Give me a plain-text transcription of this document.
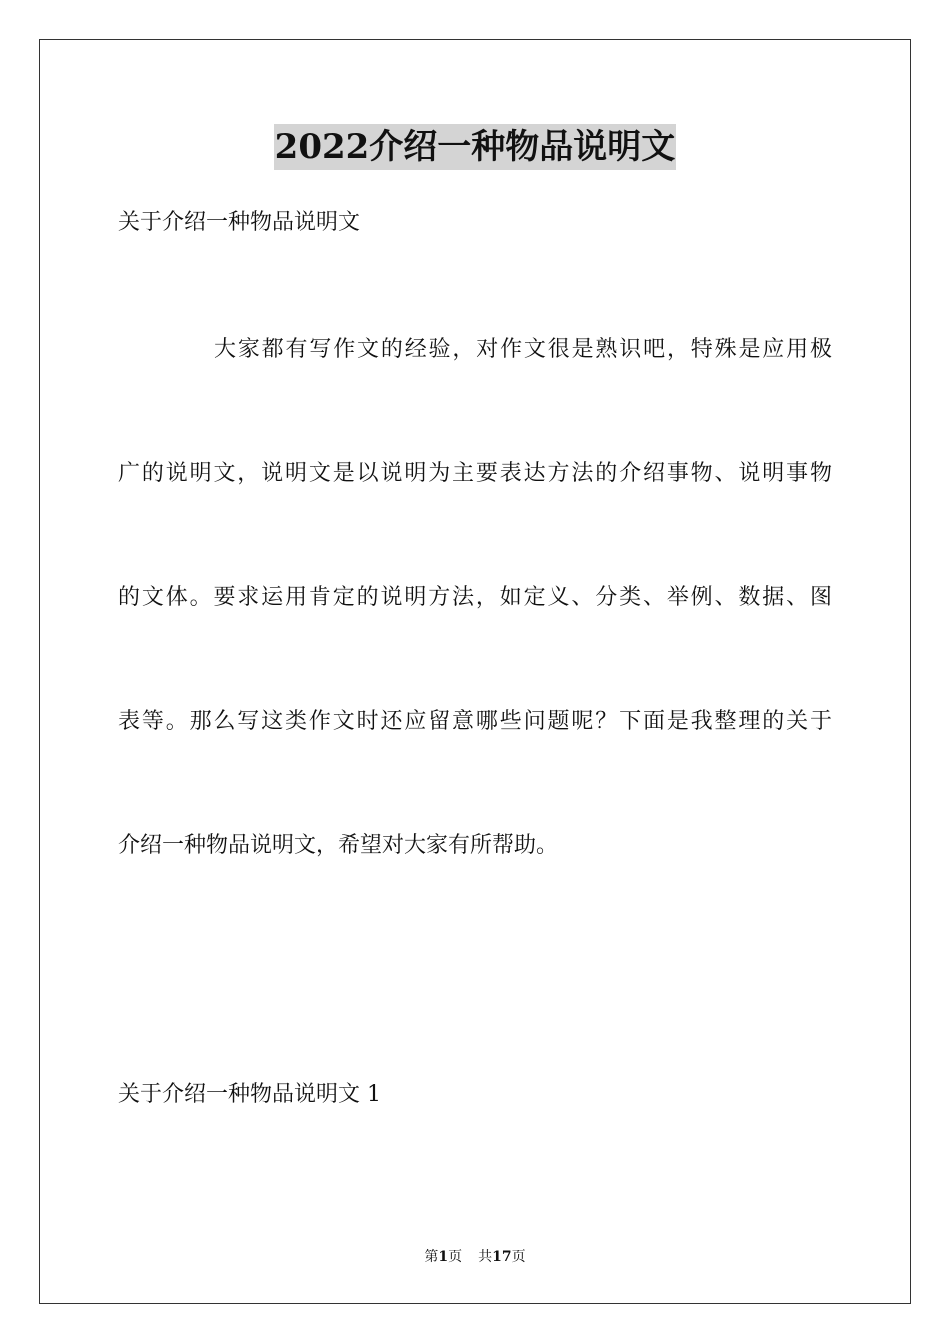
2022介绍一种物品说明文
关于介绍一种物品说明文
大家都有写作文的经验，对作文很是熟识吧，特殊是应用极
广的说明文，说明文是以说明为主要表达方法的介绍事物、说明事物
的文体。要求运用肯定的说明方法，如定义、分类、举例、数据、图
表等。那么写这类作文时还应留意哪些问题呢？下面是我整理的关于
介绍一种物品说明文，希望对大家有所帮助。
关于介绍一种物品说明文 1
第1页 共17页
